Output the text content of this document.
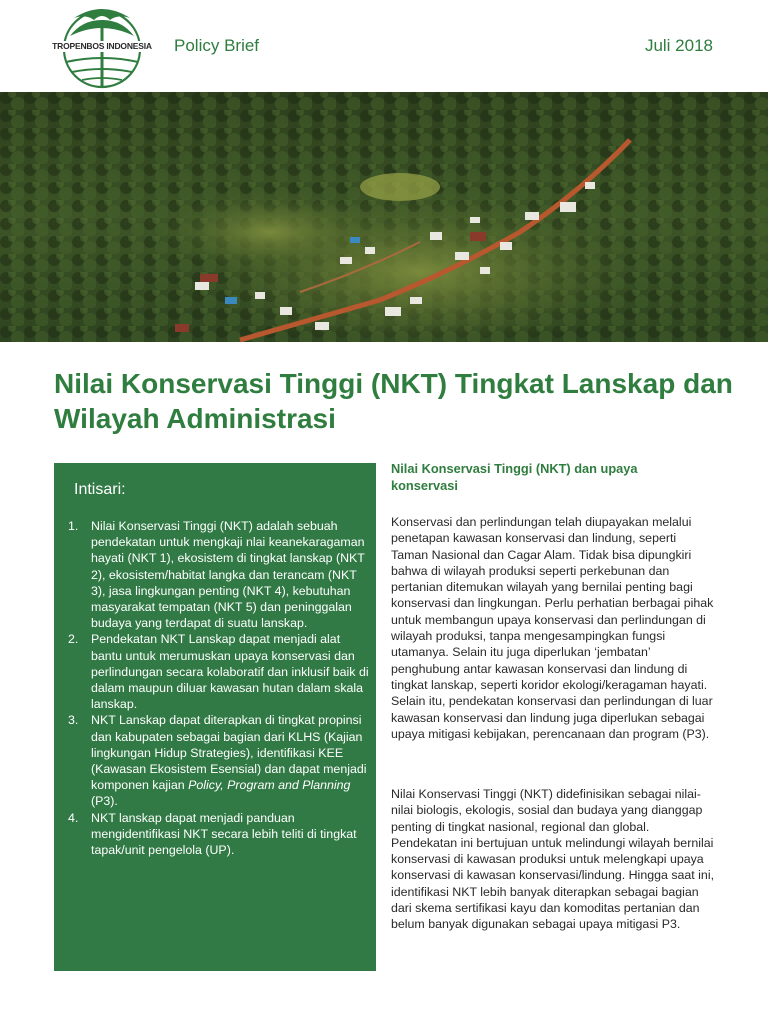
TROPENBOS INDONESIA Policy Brief	Juli 2018
Nilai Konservasi Tinggi (NKT) Tingkat Lanskap dan Wilayah Administrasi
Intisari:
1. Nilai Konservasi Tinggi (NKT) adalah sebuah pendekatan untuk mengkaji nlai keanekaragaman hayati (NKT 1), ekosistem di tingkat lanskap (NKT 2), ekosistem/habitat langka dan terancam (NKT 3), jasa lingkungan penting (NKT 4), kebutuhan masyarakat tempatan (NKT 5) dan peninggalan budaya yang terdapat di suatu lanskap.
2. Pendekatan NKT Lanskap dapat menjadi alat bantu untuk merumuskan upaya konservasi dan perlindungan secara kolaboratif dan inklusif baik di dalam maupun diluar kawasan hutan dalam skala lanskap.
3. NKT Lanskap dapat diterapkan di tingkat propinsi dan kabupaten sebagai bagian dari KLHS (Kajian lingkungan Hidup Strategies), identifikasi KEE (Kawasan Ekosistem Esensial) dan dapat menjadi komponen kajian Policy, Program and Planning (P3).
4. NKT lanskap dapat menjadi panduan mengidentifikasi NKT secara lebih teliti di tingkat tapak/unit pengelola (UP).
Nilai Konservasi Tinggi (NKT) dan upaya konservasi

Konservasi dan perlindungan telah diupayakan melalui penetapan kawasan konservasi dan lindung, seperti Taman Nasional dan Cagar Alam. Tidak bisa dipungkiri bahwa di wilayah produksi seperti perkebunan dan pertanian ditemukan wilayah yang bernilai penting bagi konservasi dan lingkungan. Perlu perhatian berbagai pihak untuk membangun upaya konservasi dan perlindungan di wilayah produksi, tanpa mengesampingkan fungsi utamanya. Selain itu juga diperlukan ‘jembatan’ penghubung antar kawasan konservasi dan lindung di tingkat lanskap, seperti koridor ekologi/keragaman hayati. Selain itu, pendekatan konservasi dan perlindungan di luar kawasan konservasi dan lindung juga diperlukan sebagai upaya mitigasi kebijakan, perencanaan dan program (P3).

Nilai Konservasi Tinggi (NKT) didefinisikan sebagai nilai-nilai biologis, ekologis, sosial dan budaya yang dianggap penting di tingkat nasional, regional dan global. Pendekatan ini bertujuan untuk melindungi wilayah bernilai konservasi di kawasan produksi untuk melengkapi upaya konservasi di kawasan konservasi/lindung. Hingga saat ini, identifikasi NKT lebih banyak diterapkan sebagai bagian dari skema sertifikasi kayu dan komoditas pertanian dan belum banyak digunakan sebagai upaya mitigasi P3.
